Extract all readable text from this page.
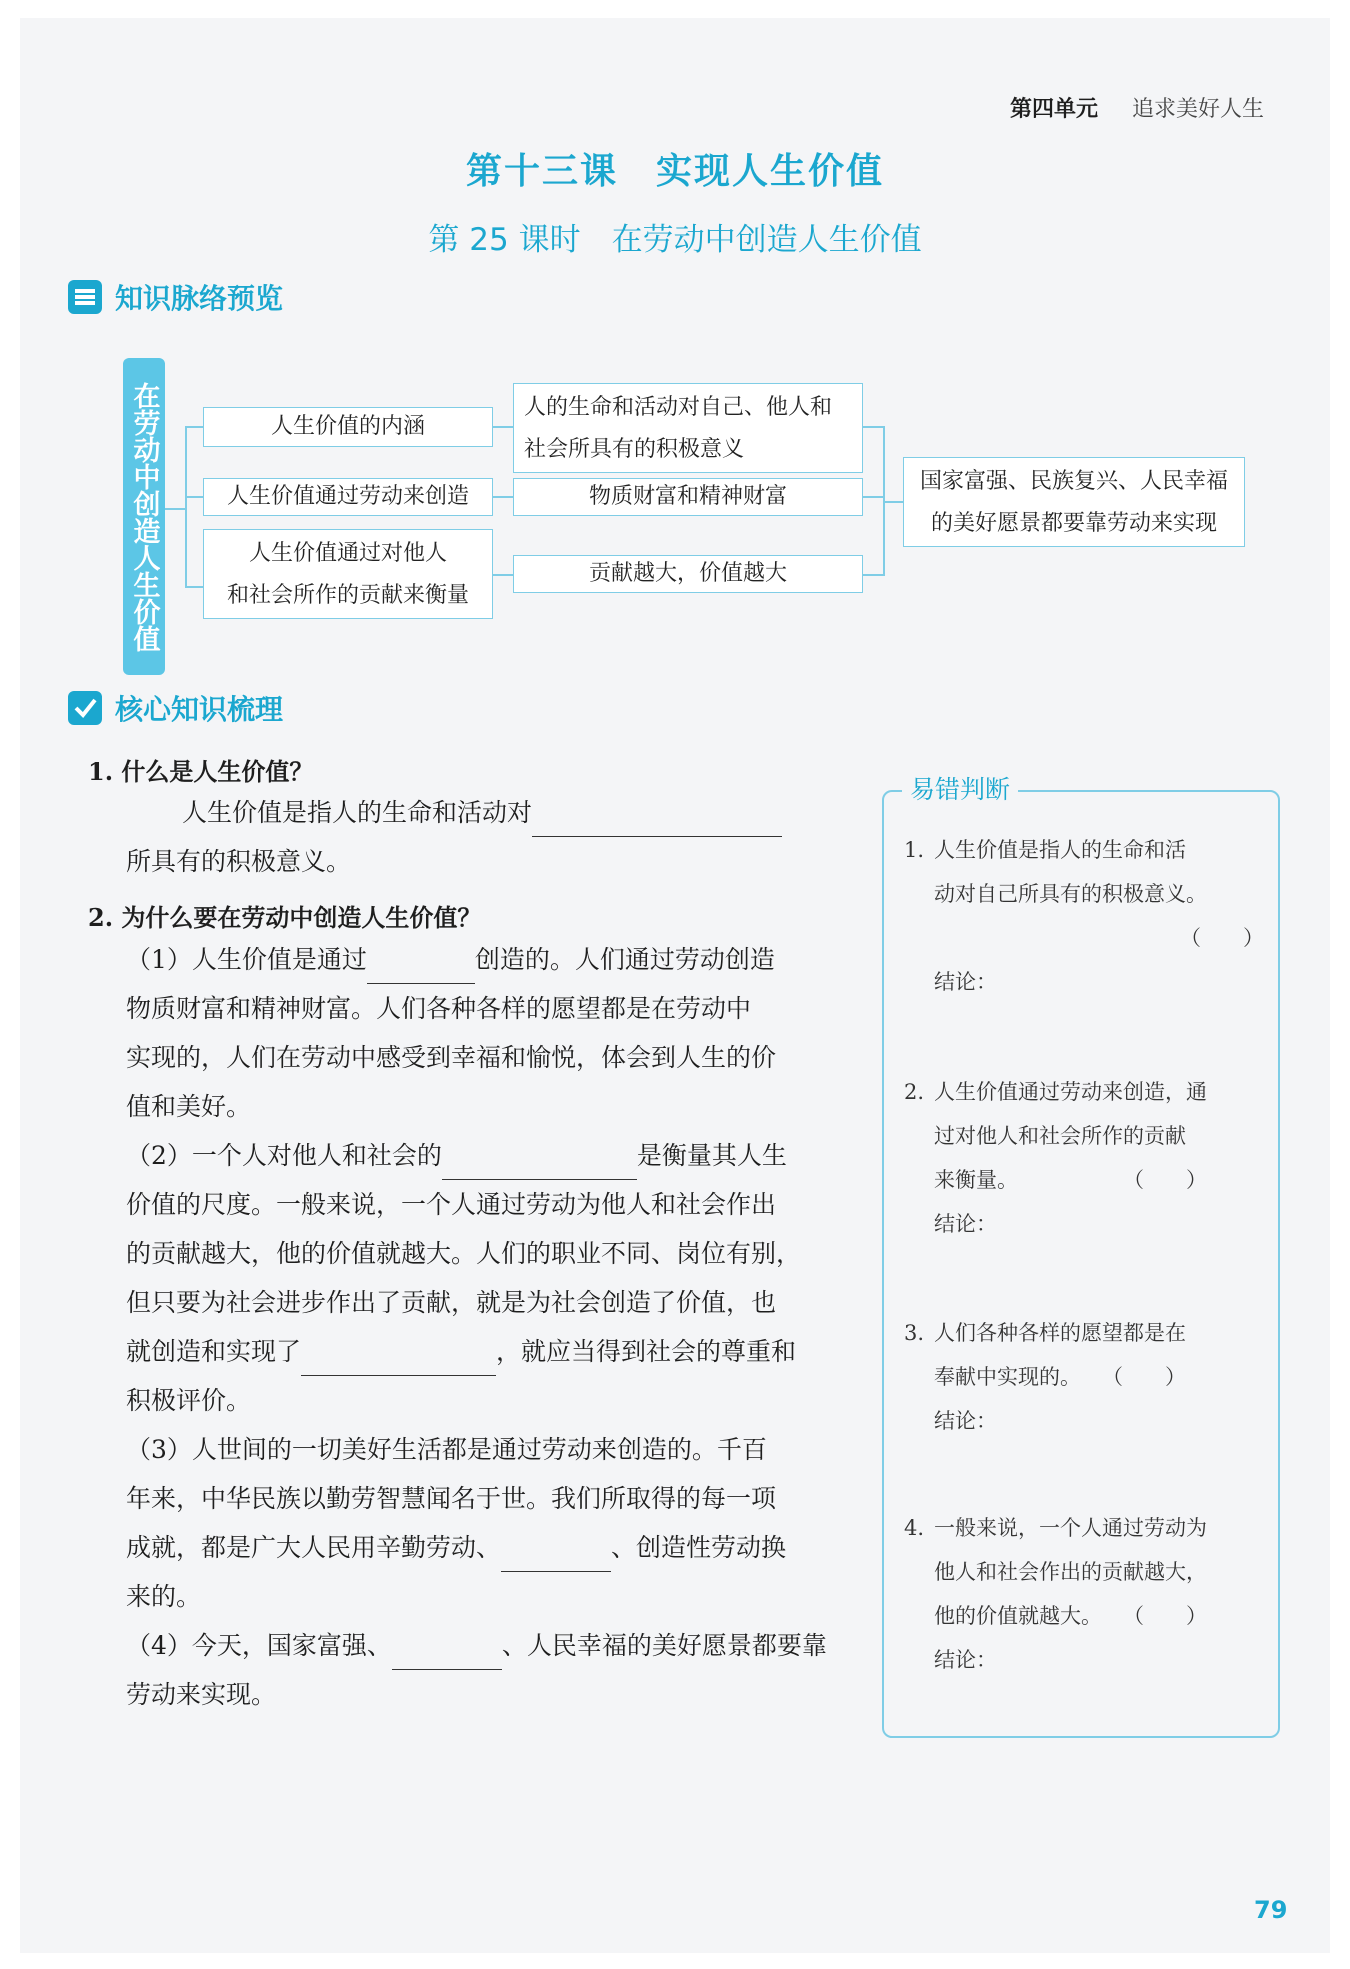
第四单元 追求美好人生
第十三课　实现人生价值
第 25 课时　在劳动中创造人生价值
知识脉络预览
在劳动中创造人生价值	人生价值的内涵
人生价值通过劳动来创造
人生价值通过对他人
和社会所作的贡献来衡量
人的生命和活动对自己、他人和
社会所具有的积极意义
物质财富和精神财富
贡献越大，价值越大
国家富强、民族复兴、人民幸福
的美好愿景都要靠劳动来实现
核心知识梳理
1. 什么是人生价值？
人生价值是指人的生命和活动对
所具有的积极意义。
2. 为什么要在劳动中创造人生价值？
（1）人生价值是通过	创造的。人们通过劳动创造
物质财富和精神财富。人们各种各样的愿望都是在劳动中
实现的，人们在劳动中感受到幸福和愉悦，体会到人生的价
值和美好。
（2）一个人对他人和社会的	是衡量其人生
价值的尺度。一般来说，一个人通过劳动为他人和社会作出
的贡献越大，他的价值就越大。人们的职业不同、岗位有别，
但只要为社会进步作出了贡献，就是为社会创造了价值，也
就创造和实现了	，就应当得到社会的尊重和
积极评价。
（3）人世间的一切美好生活都是通过劳动来创造的。千百
年来，中华民族以勤劳智慧闻名于世。我们所取得的每一项
成就，都是广大人民用辛勤劳动、	、创造性劳动换
来的。
（4）今天，国家富强、	、人民幸福的美好愿景都要靠
劳动来实现。
易错判断
1. 人生价值是指人的生命和活
动对自己所具有的积极意义。
（　　）
结论：
2. 人生价值通过劳动来创造，通
过对他人和社会所作的贡献
来衡量。	（　　）
结论：
3. 人们各种各样的愿望都是在
奉献中实现的。 （　　）
结论：
4. 一般来说，一个人通过劳动为
他人和社会作出的贡献越大，
他的价值就越大。 （　　）
结论：
79
